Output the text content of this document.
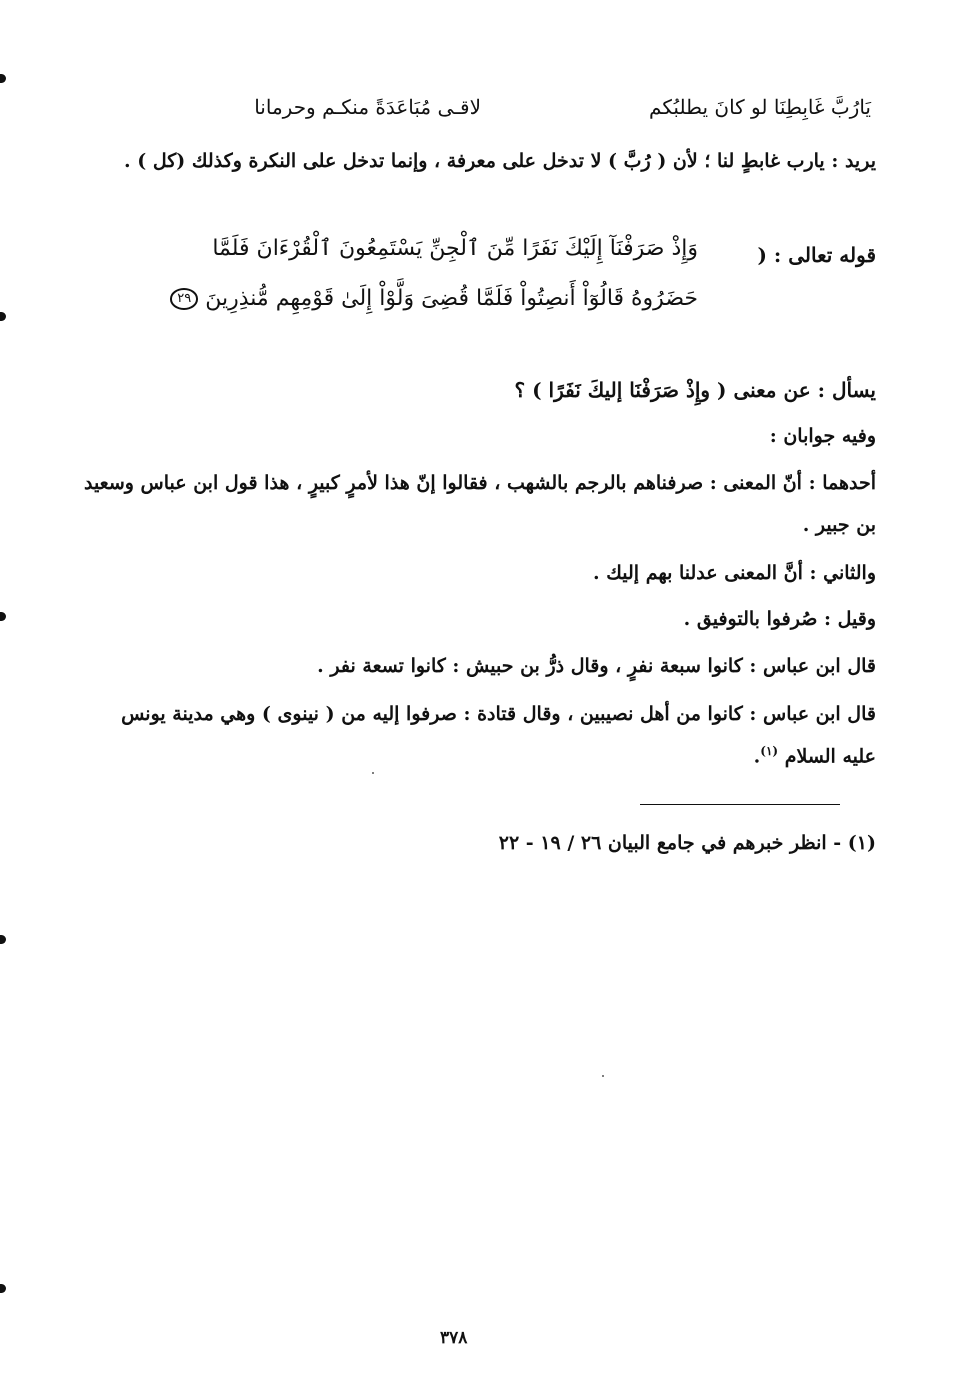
يَارُبَّ غَابِطِنَا لو كانَ يطلبُكم
لاقـى مُبَاعَدَةً منكـم وحرمانا
يريد : يارب غابطٍ لنا ؛ لأن ( رُبَّ ) لا تدخل على معرفة ، وإنما تدخل على النكرة وكذلك (كل ) .
قوله تعالى : (
وَإِذْ صَرَفْنَآ إِلَيْكَ نَفَرًا مِّنَ ٱلْجِنِّ يَسْتَمِعُونَ ٱلْقُرْءَانَ فَلَمَّا
حَضَرُوهُ قَالُوٓاْ أَنصِتُواْ فَلَمَّا قُضِىَ وَلَّوْاْ إِلَىٰ قَوْمِهِم مُّنذِرِينَ ٢٩
يسأل : عن معنى ( وإِذْ صَرَفْنَا إليكَ نَفَرًا ) ؟
وفيه جوابان :
أحدهما : أنّ المعنى : صرفناهم بالرجم بالشهب ، فقالوا إنّ هذا لأمرٍ كبيرٍ ، هذا قول ابن عباس وسعيد
بن جبير .
والثاني : أنَّ المعنى عدلنا بهم إليك .
وقيل : صُرفوا بالتوفيق .
قال ابن عباس : كانوا سبعة نفرٍ ، وقال ذرُّ بن حبيش : كانوا تسعة نفر .
قال ابن عباس : كانوا من أهل نصيبين ، وقال قتادة : صرفوا إليه من ( نينوى ) وهي مدينة يونس
عليه السلام $^{(١)}$.
(١) - انظر خبرهم في جامع البيان ٢٦ / ١٩ - ٢٢
٣٧٨
